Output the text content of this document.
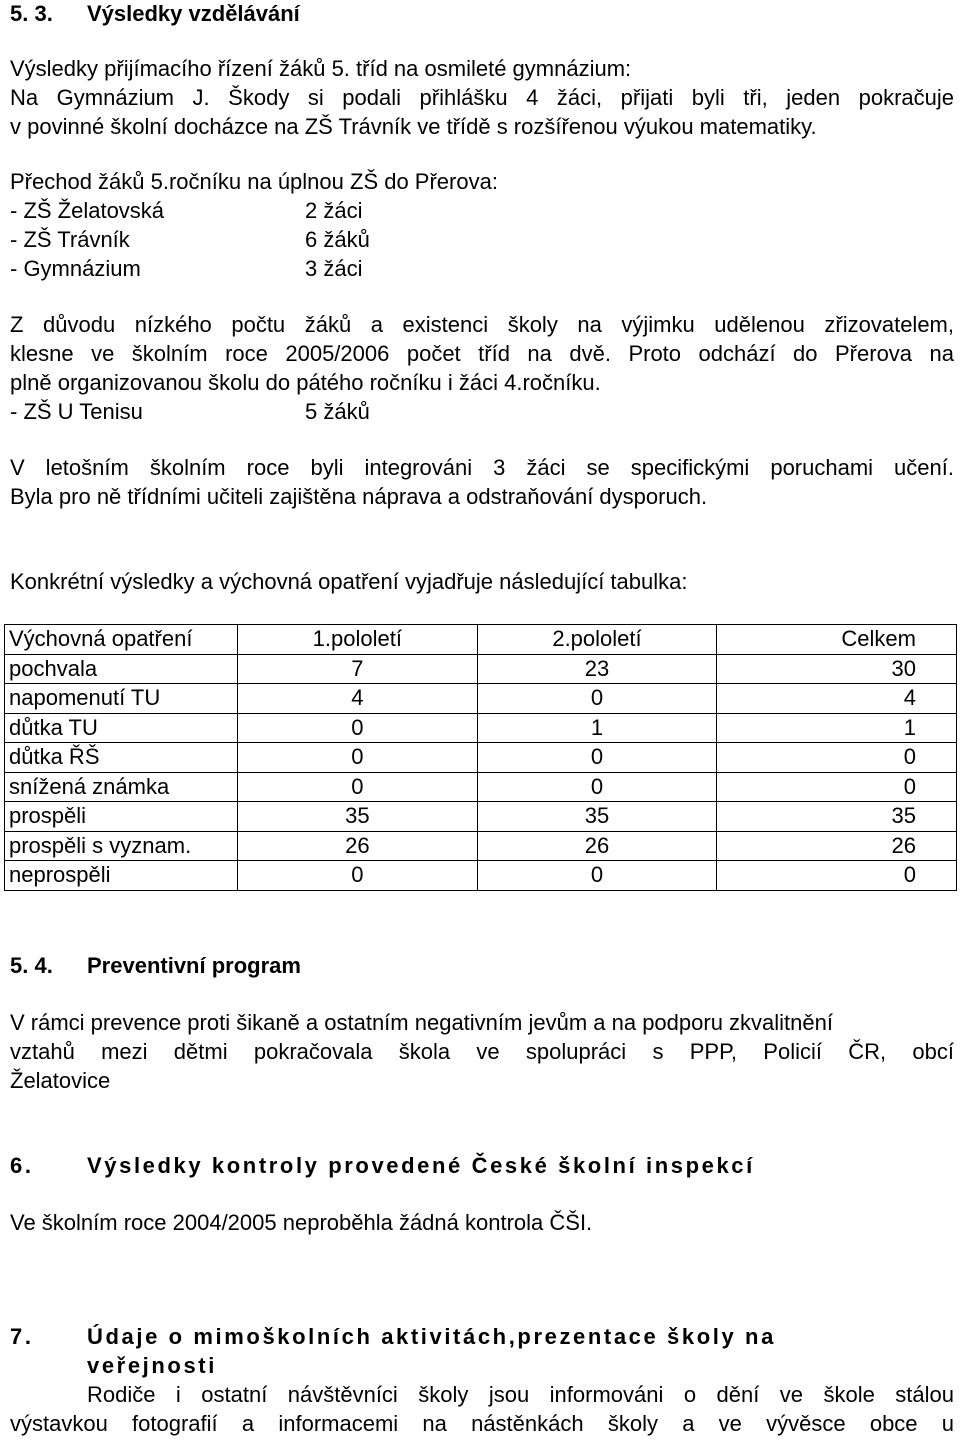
5. 3. Výsledky vzdělávání
Výsledky přijímacího řízení žáků 5. tříd na osmileté gymnázium:
Na Gymnázium J. Škody si podali přihlášku 4 žáci, přijati byli tři, jeden pokračuje
v povinné školní docházce na ZŠ Trávník ve třídě s rozšířenou výukou matematiky.
Přechod žáků 5.ročníku na úplnou ZŠ do Přerova:
- ZŠ Želatovská	2 žáci
- ZŠ Trávník	6 žáků
- Gymnázium	3 žáci
Z důvodu nízkého počtu žáků a existenci školy na výjimku udělenou zřizovatelem,
klesne ve školním roce 2005/2006 počet tříd na dvě. Proto odchází do Přerova na
plně organizovanou školu do pátého ročníku i žáci 4.ročníku.
- ZŠ U Tenisu	5 žáků
V letošním školním roce byli integrováni 3 žáci se specifickými poruchami učení.
Byla pro ně třídními učiteli zajištěna náprava a odstraňování dysporuch.
Konkrétní výsledky a výchovná opatření vyjadřuje následující tabulka:
Výchovná opatření	1.pololetí	2.pololetí	Celkem
pochvala	7	23	30
napomenutí TU	4	0	4
důtka TU	0	1	1
důtka ŘŠ	0	0	0
snížená známka	0	0	0
prospěli	35	35	35
prospěli s vyznam.	26	26	26
neprospěli	0	0	0
5. 4. Preventivní program
V rámci prevence proti šikaně a ostatním negativním jevům a na podporu zkvalitnění
vztahů mezi dětmi pokračovala škola ve spolupráci s PPP, Policií ČR, obcí
Želatovice
6. Výsledky kontroly provedené České školní inspekcí
Ve školním roce 2004/2005 neproběhla žádná kontrola ČŠI.
7. Údaje o mimoškolních aktivitách,prezentace školy na
veřejnosti
Rodiče i ostatní návštěvníci školy jsou informováni o dění ve škole stálou
výstavkou fotografií a informacemi na nástěnkách školy a ve vývěsce obce u
